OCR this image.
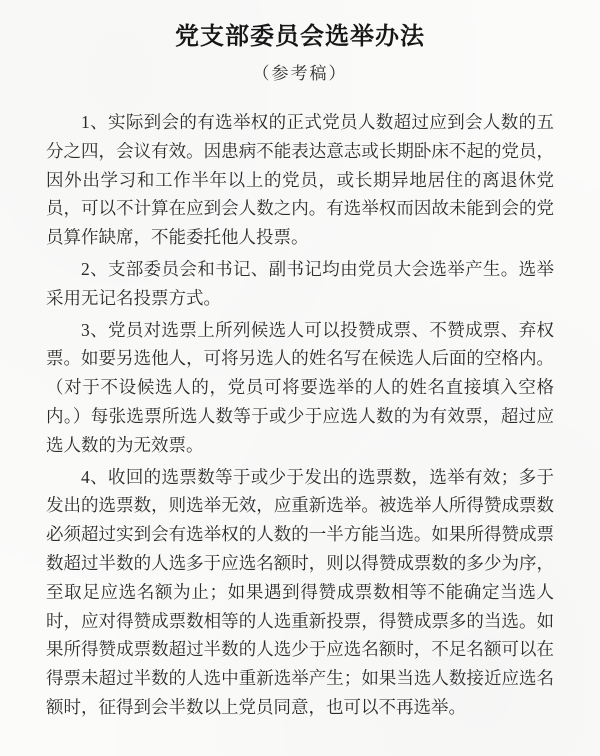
党支部委员会选举办法
（参考稿）

1、实际到会的有选举权的正式党员人数超过应到会人数的五分之四，会议有效。因患病不能表达意志或长期卧床不起的党员，因外出学习和工作半年以上的党员，或长期异地居住的离退休党员，可以不计算在应到会人数之内。有选举权而因故未能到会的党员算作缺席，不能委托他人投票。

2、支部委员会和书记、副书记均由党员大会选举产生。选举采用无记名投票方式。

3、党员对选票上所列候选人可以投赞成票、不赞成票、弃权票。如要另选他人，可将另选人的姓名写在候选人后面的空格内。（对于不设候选人的，党员可将要选举的人的姓名直接填入空格内。）每张选票所选人数等于或少于应选人数的为有效票，超过应选人数的为无效票。

4、收回的选票数等于或少于发出的选票数，选举有效；多于发出的选票数，则选举无效，应重新选举。被选举人所得赞成票数必须超过实到会有选举权的人数的一半方能当选。如果所得赞成票数超过半数的人选多于应选名额时，则以得赞成票数的多少为序，至取足应选名额为止；如果遇到得赞成票数相等不能确定当选人时，应对得赞成票数相等的人选重新投票，得赞成票多的当选。如果所得赞成票数超过半数的人选少于应选名额时，不足名额可以在得票未超过半数的人选中重新选举产生；如果当选人数接近应选名额时，征得到会半数以上党员同意，也可以不再选举。
